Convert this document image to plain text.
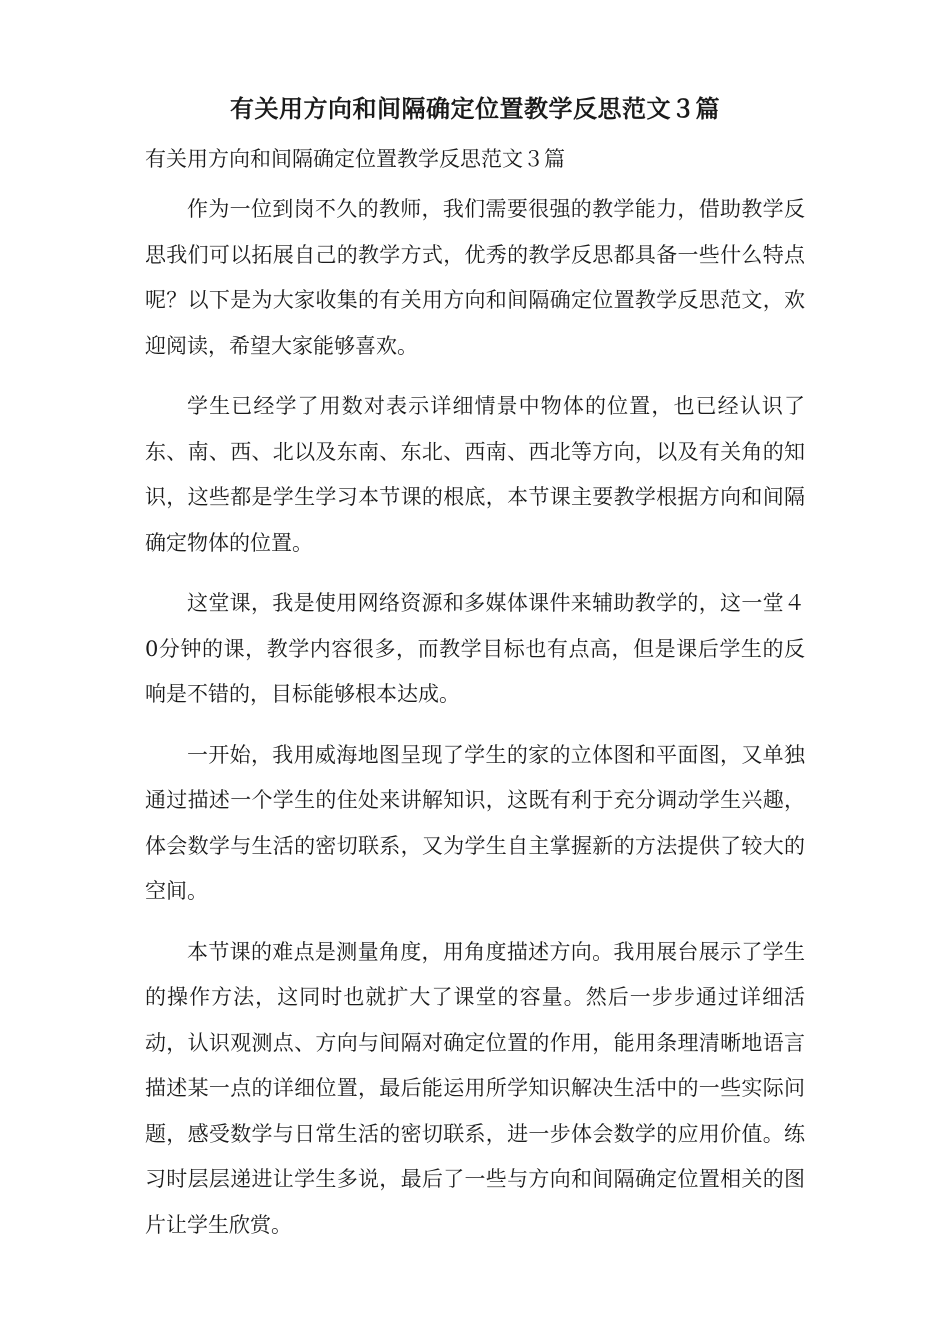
有关用方向和间隔确定位置教学反思范文３篇

有关用方向和间隔确定位置教学反思范文３篇

作为一位到岗不久的教师，我们需要很强的教学能力，借助教学反思我们可以拓展自己的教学方式，优秀的教学反思都具备一些什么特点呢？以下是为大家收集的有关用方向和间隔确定位置教学反思范文，欢迎阅读，希望大家能够喜欢。

学生已经学了用数对表示详细情景中物体的位置，也已经认识了东、南、西、北以及东南、东北、西南、西北等方向，以及有关角的知识，这些都是学生学习本节课的根底，本节课主要教学根据方向和间隔确定物体的位置。

这堂课，我是使用网络资源和多媒体课件来辅助教学的，这一堂４0分钟的课，教学内容很多，而教学目标也有点高，但是课后学生的反响是不错的，目标能够根本达成。

一开始，我用威海地图呈现了学生的家的立体图和平面图，又单独通过描述一个学生的住处来讲解知识，这既有利于充分调动学生兴趣，体会数学与生活的密切联系，又为学生自主掌握新的方法提供了较大的空间。

本节课的难点是测量角度，用角度描述方向。我用展台展示了学生的操作方法，这同时也就扩大了课堂的容量。然后一步步通过详细活动，认识观测点、方向与间隔对确定位置的作用，能用条理清晰地语言描述某一点的详细位置，最后能运用所学知识解决生活中的一些实际问题，感受数学与日常生活的密切联系，进一步体会数学的应用价值。练习时层层递进让学生多说，最后了一些与方向和间隔确定位置相关的图片让学生欣赏。
